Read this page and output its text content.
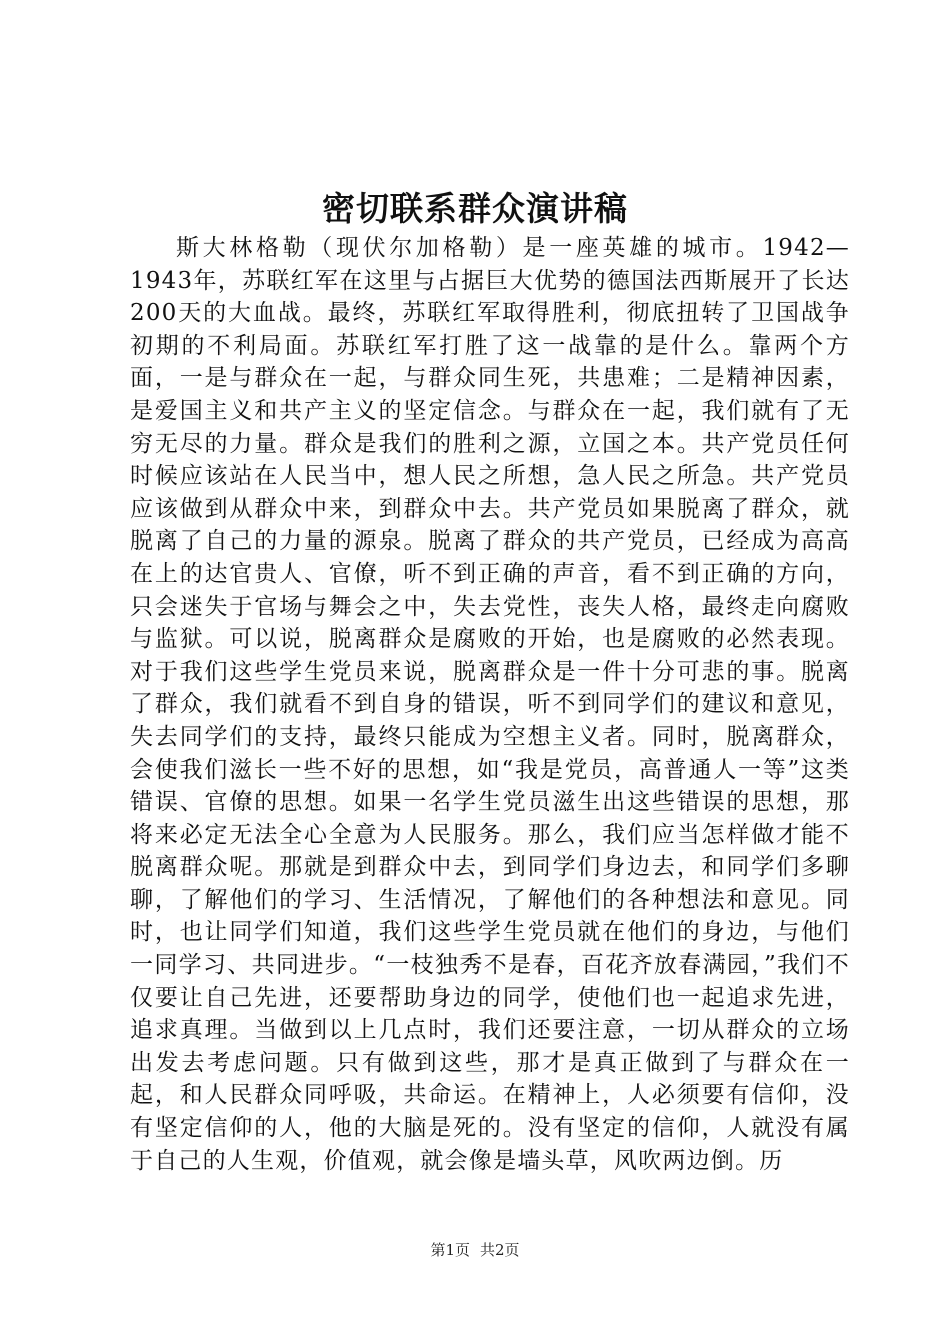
密切联系群众演讲稿

斯大林格勒（现伏尔加格勒）是一座英雄的城市。1942—1943年，苏联红军在这里与占据巨大优势的德国法西斯展开了长达200天的大血战。最终，苏联红军取得胜利，彻底扭转了卫国战争初期的不利局面。苏联红军打胜了这一战靠的是什么。靠两个方面，一是与群众在一起，与群众同生死，共患难；二是精神因素，是爱国主义和共产主义的坚定信念。与群众在一起，我们就有了无穷无尽的力量。群众是我们的胜利之源，立国之本。共产党员任何时候应该站在人民当中，想人民之所想，急人民之所急。共产党员应该做到从群众中来，到群众中去。共产党员如果脱离了群众，就脱离了自己的力量的源泉。脱离了群众的共产党员，已经成为高高在上的达官贵人、官僚，听不到正确的声音，看不到正确的方向，只会迷失于官场与舞会之中，失去党性，丧失人格，最终走向腐败与监狱。可以说，脱离群众是腐败的开始，也是腐败的必然表现。对于我们这些学生党员来说，脱离群众是一件十分可悲的事。脱离了群众，我们就看不到自身的错误，听不到同学们的建议和意见，失去同学们的支持，最终只能成为空想主义者。同时，脱离群众，会使我们滋长一些不好的思想，如“我是党员，高普通人一等”这类错误、官僚的思想。如果一名学生党员滋生出这些错误的思想，那将来必定无法全心全意为人民服务。那么，我们应当怎样做才能不脱离群众呢。那就是到群众中去，到同学们身边去，和同学们多聊聊，了解他们的学习、生活情况，了解他们的各种想法和意见。同时，也让同学们知道，我们这些学生党员就在他们的身边，与他们一同学习、共同进步。“一枝独秀不是春，百花齐放春满园，”我们不仅要让自己先进，还要帮助身边的同学，使他们也一起追求先进，追求真理。当做到以上几点时，我们还要注意，一切从群众的立场出发去考虑问题。只有做到这些，那才是真正做到了与群众在一起，和人民群众同呼吸，共命运。在精神上，人必须要有信仰，没有坚定信仰的人，他的大脑是死的。没有坚定的信仰，人就没有属于自己的人生观，价值观，就会像是墙头草，风吹两边倒。历

第1页 共2页
